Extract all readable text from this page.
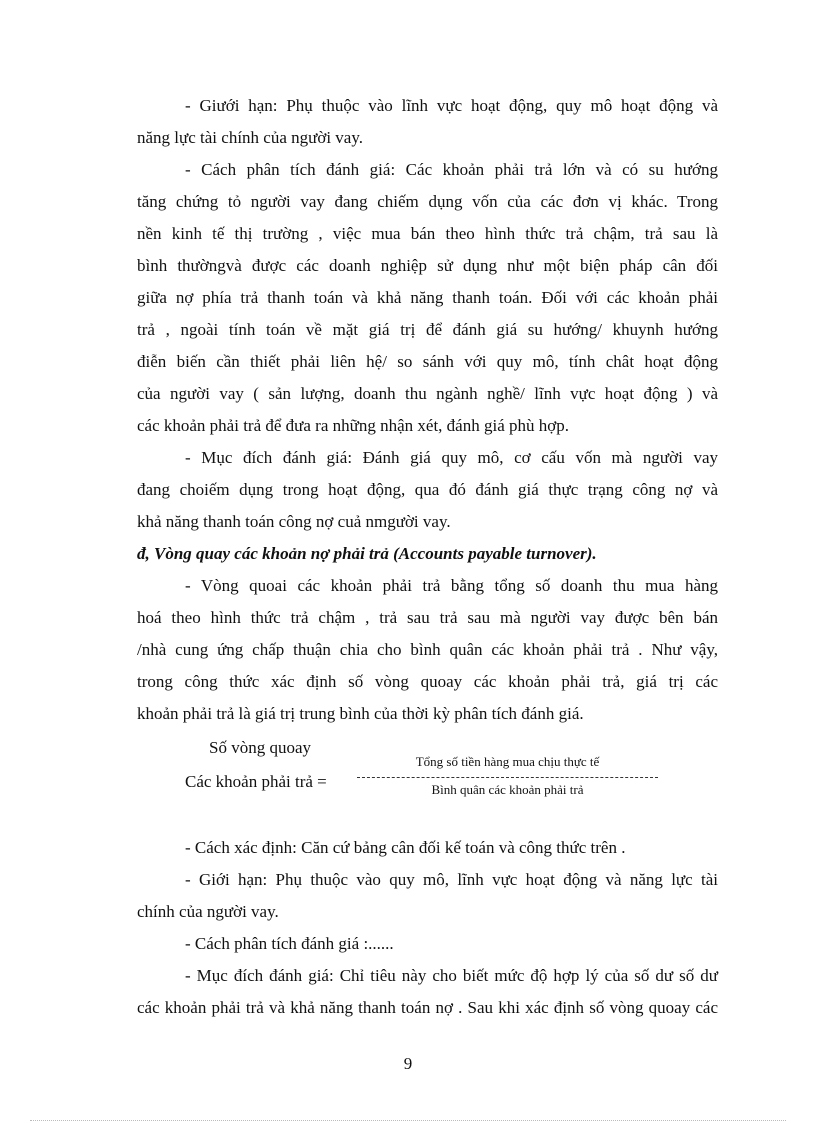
- Giưới hạn: Phụ thuộc vào lĩnh vực hoạt động, quy mô hoạt động và
năng lực tài chính của người vay.
- Cách phân tích đánh giá: Các khoản phải trả lớn và có su hướng
tăng chứng tỏ người vay đang chiếm dụng vốn của các đơn vị khác. Trong
nền kinh tế thị trường , việc mua bán theo hình thức trả chậm, trả sau là
bình thườngvà được các doanh nghiệp sử dụng như một biện pháp cân đối
giữa nợ phía trả thanh toán và khả năng thanh toán. Đối với các khoản phải
trả , ngoài tính toán về mặt giá trị để đánh giá su hướng/ khuynh hướng
điễn biến cần thiết phải liên hệ/ so sánh với quy mô, tính chât hoạt động
của người vay ( sản lượng, doanh thu ngành nghề/ lĩnh vực hoạt động ) và
các khoản phải trả để đưa ra những nhận xét, đánh giá phù hợp.
- Mục đích đánh giá: Đánh giá quy mô, cơ cấu vốn mà người vay
đang choiếm dụng trong hoạt động, qua đó đánh giá thực trạng công nợ và
khả năng thanh toán công nợ cuả nmgười vay.
đ, Vòng quay các khoản nợ phải trả (Accounts payable turnover).
- Vòng quoai các khoản phải trả bằng tổng số doanh thu mua hàng
hoá theo hình thức trả chậm , trả sau trả sau mà người vay được bên bán
/nhà cung ứng chấp thuận chia cho bình quân các khoản phải trả . Như vậy,
trong công thức xác định số vòng quoay các khoản phải trả, giá trị các
khoản phải trả là giá trị trung bình của thời kỳ phân tích đánh giá.
Số vòng quoay
Các khoản phải trả =
Tổng số tiền hàng mua chịu thực tế
Bình quân các khoản phải trả
- Cách xác định: Căn cứ bảng cân đối kế toán và công thức trên .
- Giới hạn: Phụ thuộc vào quy mô, lĩnh vực hoạt động và năng lực tài
chính của người vay.
- Cách phân tích đánh giá :......
- Mục đích đánh giá: Chỉ tiêu này cho biết mức độ hợp lý của số dư số dư
các khoản phải trả và khả năng thanh toán nợ . Sau khi xác định số vòng quoay các
9
